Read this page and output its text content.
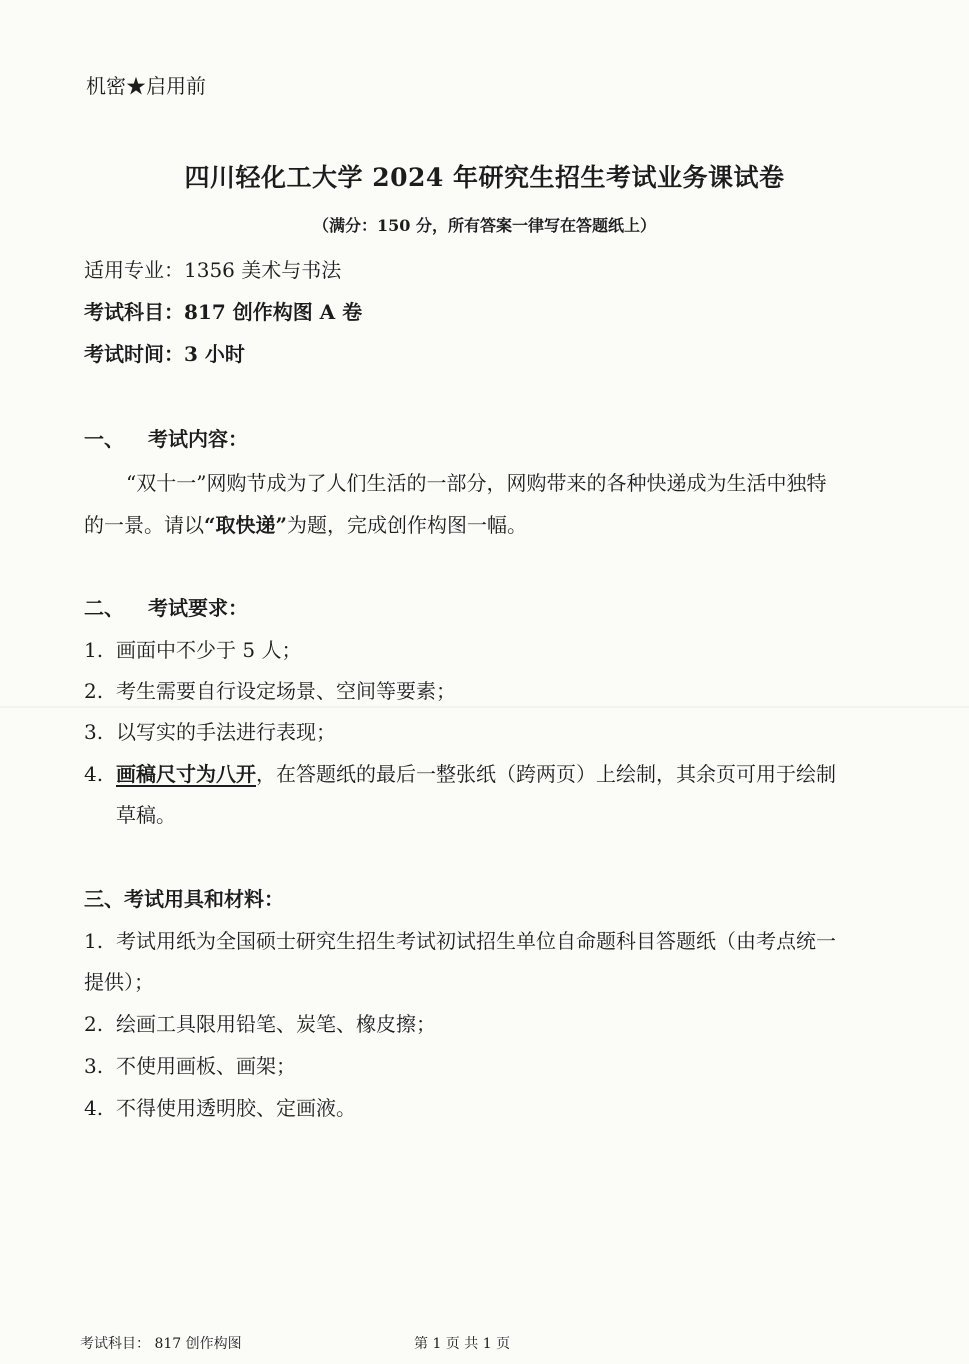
机密★启用前
四川轻化工大学 2024 年研究生招生考试业务课试卷
（满分：150 分，所有答案一律写在答题纸上）
适用专业：1356 美术与书法
考试科目：817 创作构图 A 卷
考试时间：3 小时
一、 考试内容：
“双十一”网购节成为了人们生活的一部分，网购带来的各种快递成为生活中独特
的一景。请以“取快递”为题，完成创作构图一幅。
二、 考试要求：
1. 画面中不少于 5 人；
2. 考生需要自行设定场景、空间等要素；
3. 以写实的手法进行表现；
4. 画稿尺寸为八开，在答题纸的最后一整张纸（跨两页）上绘制，其余页可用于绘制
草稿。
三、考试用具和材料：
1. 考试用纸为全国硕士研究生招生考试初试招生单位自命题科目答题纸（由考点统一
提供）；
2. 绘画工具限用铅笔、炭笔、橡皮擦；
3. 不使用画板、画架；
4. 不得使用透明胶、定画液。
考试科目： 817 创作构图	第 1 页 共 1 页
